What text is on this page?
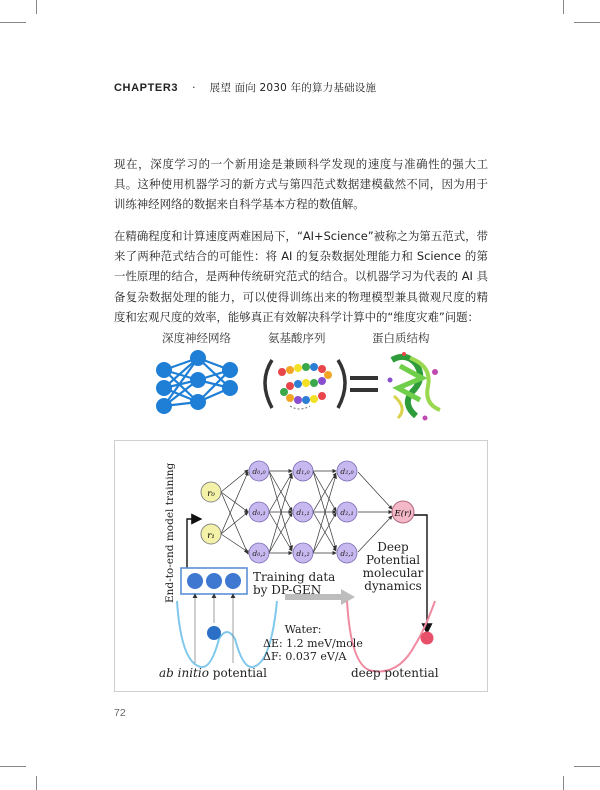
CHAPTER3 · 展望 面向 2030 年的算力基础设施
现在，深度学习的一个新用途是兼顾科学发现的速度与准确性的强大工具。这种使用机器学习的新方式与第四范式数据建模截然不同，因为用于训练神经网络的数据来自科学基本方程的数值解。
在精确程度和计算速度两难困局下，“AI+Science”被称之为第五范式，带来了两种范式结合的可能性：将 AI 的复杂数据处理能力和 Science 的第一性原理的结合，是两种传统研究范式的结合。以机器学习为代表的 AI 具备复杂数据处理的能力，可以使得训练出来的物理模型兼具微观尺度的精度和宏观尺度的效率，能够真正有效解决科学计算中的“维度灾难”问题：
深度神经网络	氨基酸序列	蛋白质结构
End-to-end model training	r₀
r₁
d₀,₀
d₀,₁
d₀,₂
d₁,₀
d₁,₁
d₁,₂
d₂,₀
d₂,₁
d₂,₂
E(r)
Training data
by DP-GEN
Deep
Potential
molecular
dynamics
Water:
ΔE: 1.2 meV/mole
ΔF: 0.037 eV/A
ab initio potential	deep potential
72
